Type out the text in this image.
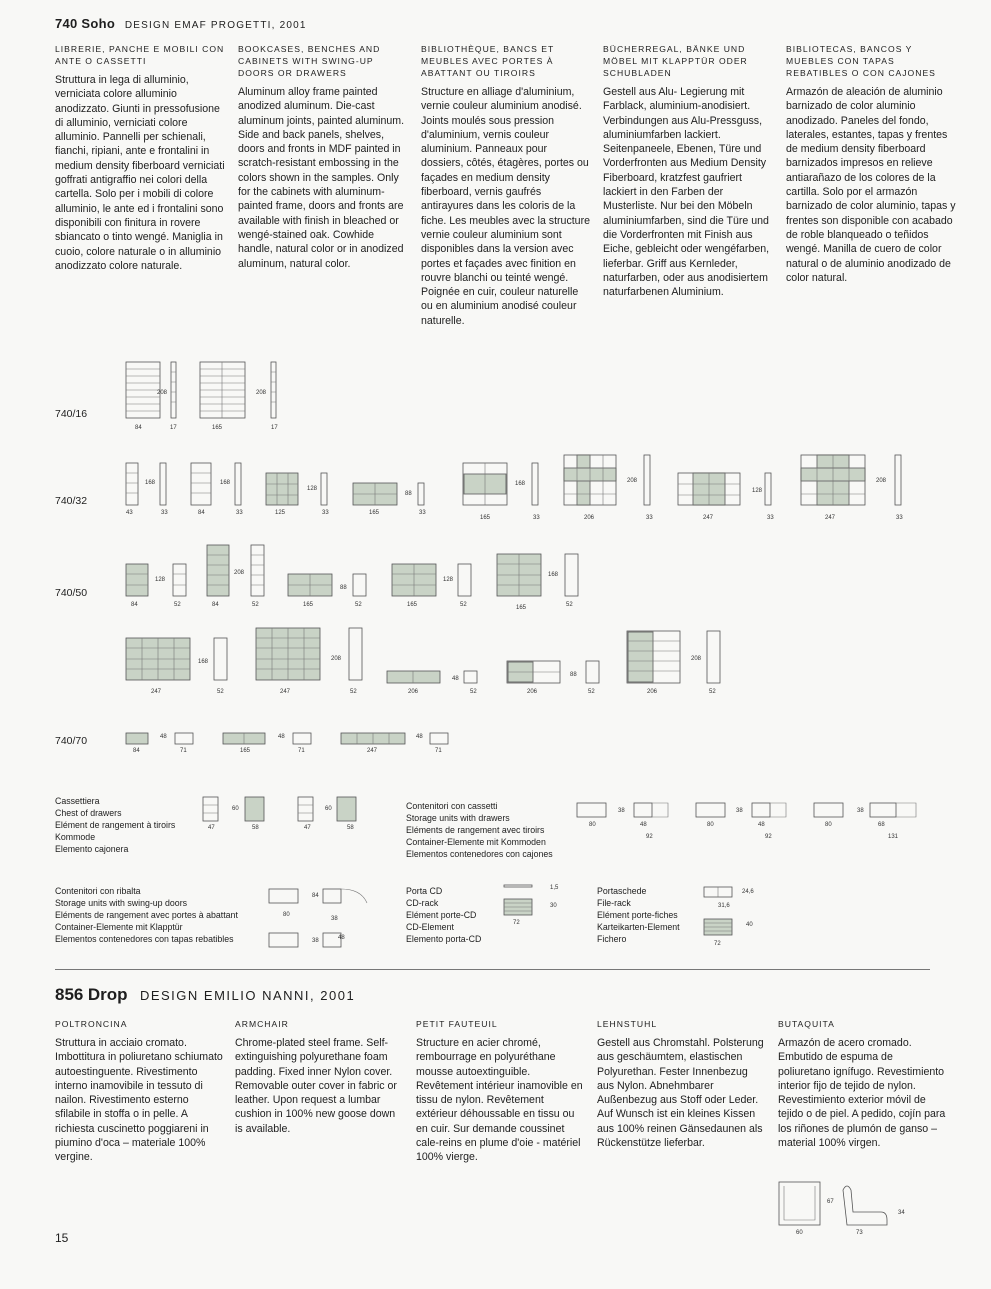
740 Soho DESIGN EMAF PROGETTI, 2001
LIBRERIE, PANCHE E MOBILI CON ANTE O CASSETTI
Struttura in lega di alluminio, verniciata colore alluminio anodizzato. Giunti in pressofusione di alluminio, verniciati colore alluminio. Pannelli per schienali, fianchi, ripiani, ante e frontalini in medium density fiberboard verniciati goffrati antigraffio nei colori della cartella. Solo per i mobili di colore alluminio, le ante ed i frontalini sono disponibili con finitura in rovere sbiancato o tinto wengé. Maniglia in cuoio, colore naturale o in alluminio anodizzato colore naturale.
BOOKCASES, BENCHES AND CABINETS WITH SWING-UP DOORS OR DRAWERS
Aluminum alloy frame painted anodized aluminum. Die-cast aluminum joints, painted aluminum. Side and back panels, shelves, doors and fronts in MDF painted in scratch-resistant embossing in the colors shown in the samples. Only for the cabinets with aluminum-painted frame, doors and fronts are available with finish in bleached or wengé-stained oak. Cowhide handle, natural color or in anodized aluminum, natural color.
BIBLIOTHÈQUE, BANCS ET MEUBLES AVEC PORTES À ABATTANT OU TIROIRS
Structure en alliage d'aluminium, vernie couleur aluminium anodisé. Joints moulés sous pression d'aluminium, vernis couleur aluminium. Panneaux pour dossiers, côtés, étagères, portes ou façades en medium density fiberboard, vernis gaufrés antirayures dans les coloris de la fiche. Les meubles avec la structure vernie couleur aluminium sont disponibles dans la version avec portes et façades avec finition en rouvre blanchi ou teinté wengé. Poignée en cuir, couleur naturelle ou en aluminium anodisé couleur naturelle.
BÜCHERREGAL, BÄNKE UND MÖBEL MIT KLAPPTÜR ODER SCHUBLADEN
Gestell aus Alu- Legierung mit Farblack, aluminium-anodisiert. Verbindungen aus Alu-Pressguss, aluminiumfarben lackiert. Seitenpaneele, Ebenen, Türe und Vorderfronten aus Medium Density Fiberboard, kratzfest gaufriert lackiert in den Farben der Musterliste. Nur bei den Möbeln aluminiumfarben, sind die Türe und die Vorderfronten mit Finish aus Eiche, gebleicht oder wengéfarben, lieferbar. Griff aus Kernleder, naturfarben, oder aus anodisiertem naturfarbenen Aluminium.
BIBLIOTECAS, BANCOS Y MUEBLES CON TAPAS REBATIBLES O CON CAJONES
Armazón de aleación de aluminio barnizado de color aluminio anodizado. Paneles del fondo, laterales, estantes, tapas y frentes de medium density fiberboard barnizados impresos en relieve antiarañazo de los colores de la cartilla. Solo por el armazón barnizado de color aluminio, tapas y frentes son disponible con acabado de roble blanqueado o teñidos wengé. Manilla de cuero de color natural o de aluminio anodizado de color natural.
740/16
740/32
740/50
740/70
84	17
208
165	17
208
43	33
168
84	33
168
125	33
128
165	33
88
165	33
168
206	33
208
247	33
128
247	33
208
84	52
128
84	52
208
165	52
88
165	52
128
165	52
168
247	52
168
247	52
208
206	52
48
206	52
88
206	52
208
84	71
48
165	71
48
247	71
48
47	58
60
47	58
60
80	48
92
38
80	48
92
38
80	68
131
38
80
38
48
84
38
1,5
30
72
24,6
31,6
40
72
60	73
67
34
Cassettiera
Chest of drawers
Elément de rangement à tiroirs
Kommode
Elemento cajonera
Contenitori con cassetti
Storage units with drawers
Eléments de rangement avec tiroirs
Container-Elemente mit Kommoden
Elementos contenedores con cajones
Contenitori con ribalta
Storage units with swing-up doors
Eléments de rangement avec portes à abattant
Container-Elemente mit Klapptür
Elementos contenedores con tapas rebatibles
Porta CD
CD-rack
Elément porte-CD
CD-Element
Elemento porta-CD
Portaschede
File-rack
Elément porte-fiches
Karteikarten-Element
Fichero
856 Drop DESIGN EMILIO NANNI, 2001
POLTRONCINA
Struttura in acciaio cromato. Imbottitura in poliuretano schiumato autoestinguente. Rivestimento interno inamovibile in tessuto di nailon. Rivestimento esterno sfilabile in stoffa o in pelle. A richiesta cuscinetto poggiareni in piumino d'oca – materiale 100% vergine.
ARMCHAIR
Chrome-plated steel frame. Self-extinguishing polyurethane foam padding. Fixed inner Nylon cover. Removable outer cover in fabric or leather. Upon request a lumbar cushion in 100% new goose down is available.
PETIT FAUTEUIL
Structure en acier chromé, rembourrage en polyuréthane mousse autoextinguible. Revêtement intérieur inamovible en tissu de nylon. Revêtement extérieur déhoussable en tissu ou en cuir. Sur demande coussinet cale-reins en plume d'oie - matériel 100% vierge.
LEHNSTUHL
Gestell aus Chromstahl. Polsterung aus geschäumtem, elastischen Polyurethan. Fester Innenbezug aus Nylon. Abnehmbarer Außenbezug aus Stoff oder Leder. Auf Wunsch ist ein kleines Kissen aus 100% reinen Gänsedaunen als Rückenstütze lieferbar.
BUTAQUITA
Armazón de acero cromado. Embutido de espuma de poliuretano ignífugo. Revestimiento interior fijo de tejido de nylon. Revestimiento exterior móvil de tejido o de piel. A pedido, cojín para los riñones de plumón de ganso – material 100% virgen.
15
